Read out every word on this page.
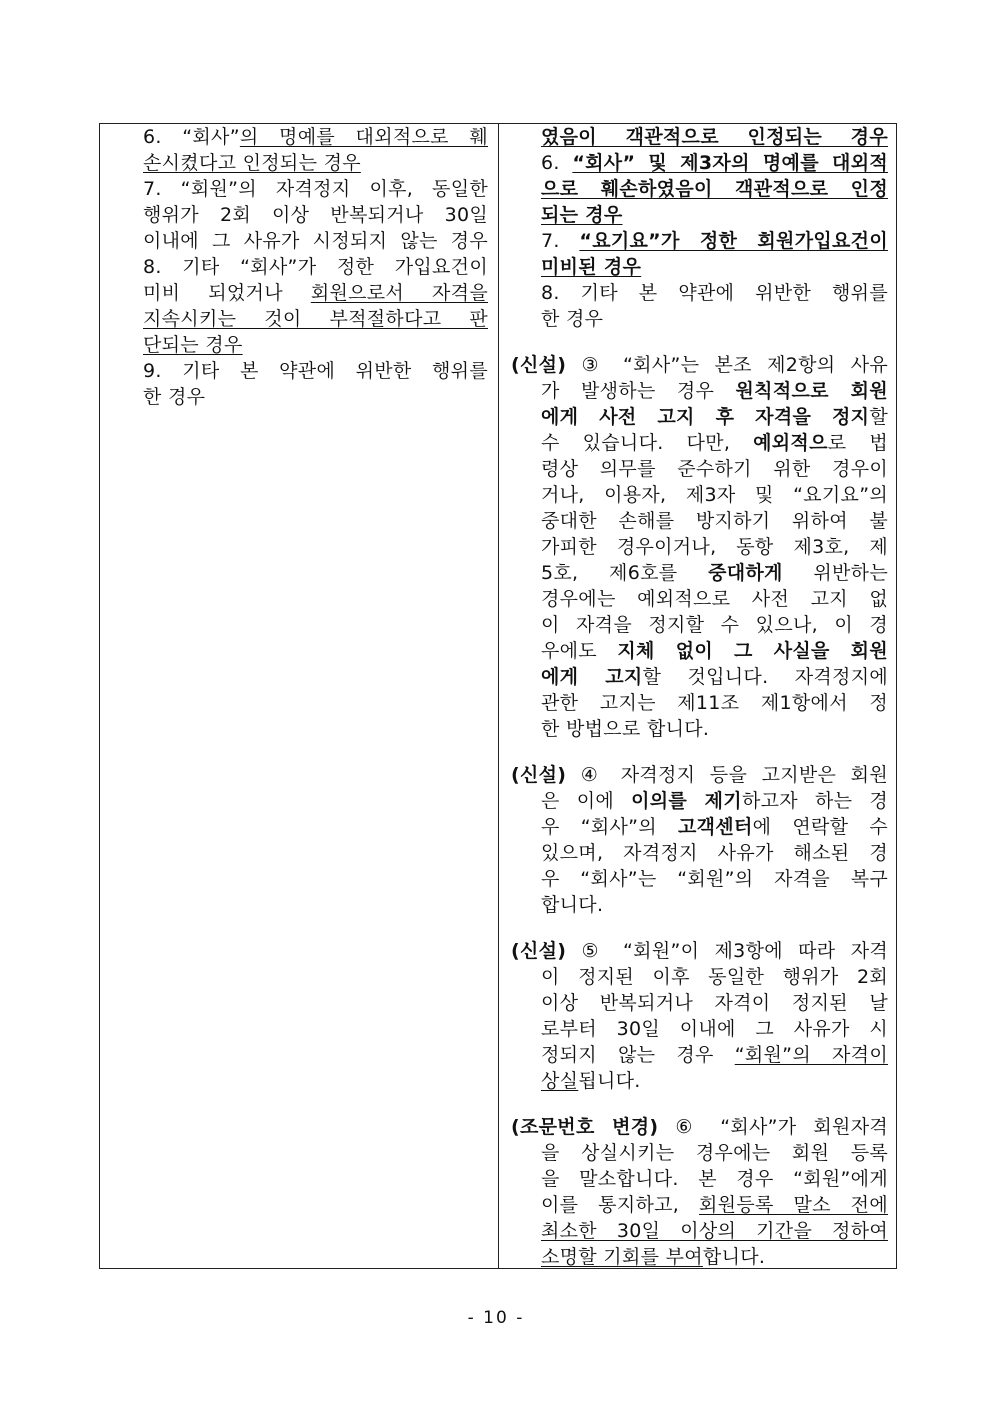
6. “회사”의 명예를 대외적으로 훼
손시켰다고 인정되는 경우
7. “회원”의 자격정지 이후, 동일한
행위가 2회 이상 반복되거나 30일
이내에 그 사유가 시정되지 않는 경우
8. 기타 “회사”가 정한 가입요건이
미비 되었거나 회원으로서 자격을
지속시키는 것이 부적절하다고 판
단되는 경우
9. 기타 본 약관에 위반한 행위를
한 경우
였음이 객관적으로 인정되는 경우
6. “회사” 및 제3자의 명예를 대외적
으로 훼손하였음이 객관적으로 인정
되는 경우
7. “요기요”가 정한 회원가입요건이
미비된 경우
8. 기타 본 약관에 위반한 행위를
한 경우
(신설) ③ “회사”는 본조 제2항의 사유
가 발생하는 경우 원칙적으로 회원
에게 사전 고지 후 자격을 정지할
수 있습니다. 다만, 예외적으로 법
령상 의무를 준수하기 위한 경우이
거나, 이용자, 제3자 및 “요기요”의
중대한 손해를 방지하기 위하여 불
가피한 경우이거나, 동항 제3호, 제
5호, 제6호를 중대하게 위반하는
경우에는 예외적으로 사전 고지 없
이 자격을 정지할 수 있으나, 이 경
우에도 지체 없이 그 사실을 회원
에게 고지할 것입니다. 자격정지에
관한 고지는 제11조 제1항에서 정
한 방법으로 합니다.
(신설) ④ 자격정지 등을 고지받은 회원
은 이에 이의를 제기하고자 하는 경
우 “회사”의 고객센터에 연락할 수
있으며, 자격정지 사유가 해소된 경
우 “회사”는 “회원”의 자격을 복구
합니다.
(신설) ⑤ “회원”이 제3항에 따라 자격
이 정지된 이후 동일한 행위가 2회
이상 반복되거나 자격이 정지된 날
로부터 30일 이내에 그 사유가 시
정되지 않는 경우 “회원”의 자격이
상실됩니다.
(조문번호 변경) ⑥ “회사”가 회원자격
을 상실시키는 경우에는 회원 등록
을 말소합니다. 본 경우 “회원”에게
이를 통지하고, 회원등록 말소 전에
최소한 30일 이상의 기간을 정하여
소명할 기회를 부여합니다.
- 10 -
